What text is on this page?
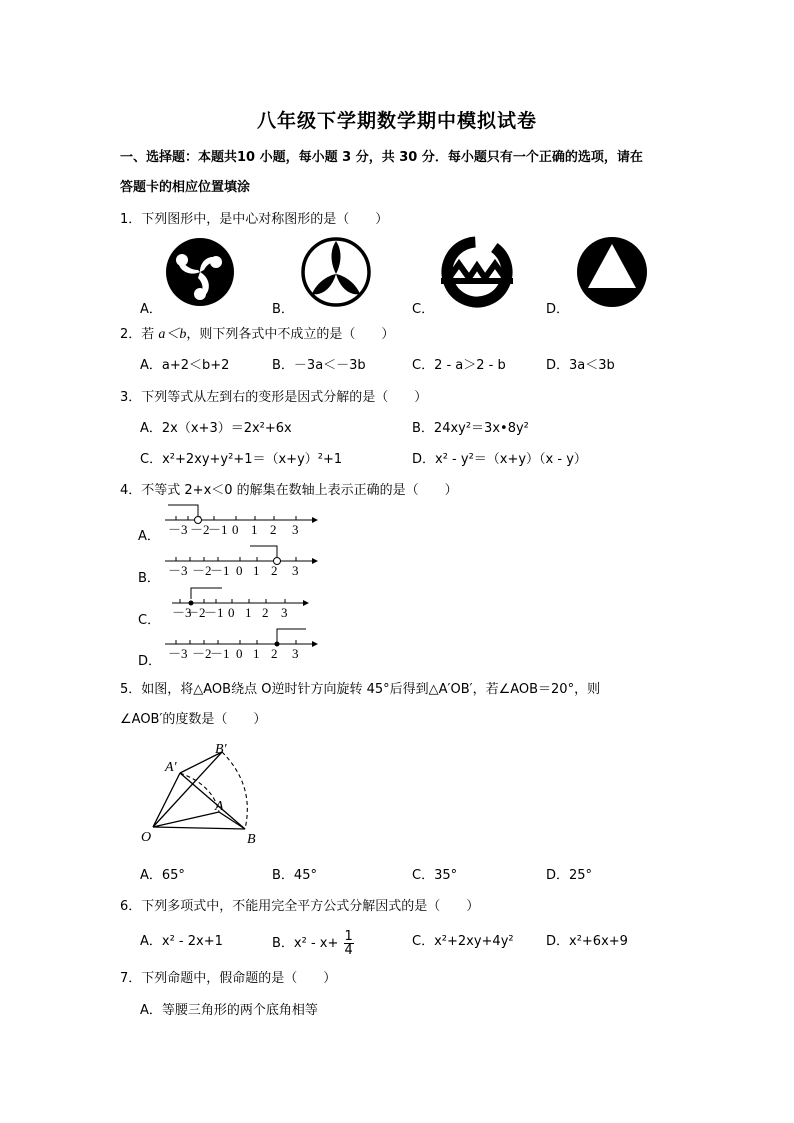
八年级下学期数学期中模拟试卷
一、选择题：本题共10 小题，每小题 3 分，共 30 分．每小题只有一个正确的选项，请在
答题卡的相应位置填涂
1．下列图形中，是中心对称图形的是（　　）
A．	B．	C．	D．
2．若 a＜b，则下列各式中不成立的是（　　）
A．a+2＜b+2	B．－3a＜－3b	C．2 - a＞2 - b	D．3a＜3b
3．下列等式从左到右的变形是因式分解的是（　　）
A．2x（x+3）＝2x²+6x	B．24xy²＝3x•8y²
C．x²+2xy+y²+1＝（x+y）²+1	D．x² - y²＝（x+y）（x - y）
4．不等式 2+x＜0 的解集在数轴上表示正确的是（　　）
A． －3 －2
－1 0 1 2 3
B．
－3 －2
－1 0 1 2 3
C．
－3
－2
－1 0 1 2 3
D．
－3 －2
－1 0 1 2 3
5．如图，将△AOB绕点 O逆时针方向旋转 45°后得到△A′OB′，若∠AOB＝20°，则
∠AOB′的度数是（　　）
A′
B′
A
O	B
A．65°	B．45°	C．35°	D．25°
6．下列多项式中，不能用完全平方公式分解因式的是（　　）
A．x² - 2x+1	B．$x^2 - x+ \frac{1}{4}$	C．x²+2xy+4y² D．x²+6x+9
7．下列命题中，假命题的是（　　）
A．等腰三角形的两个底角相等
